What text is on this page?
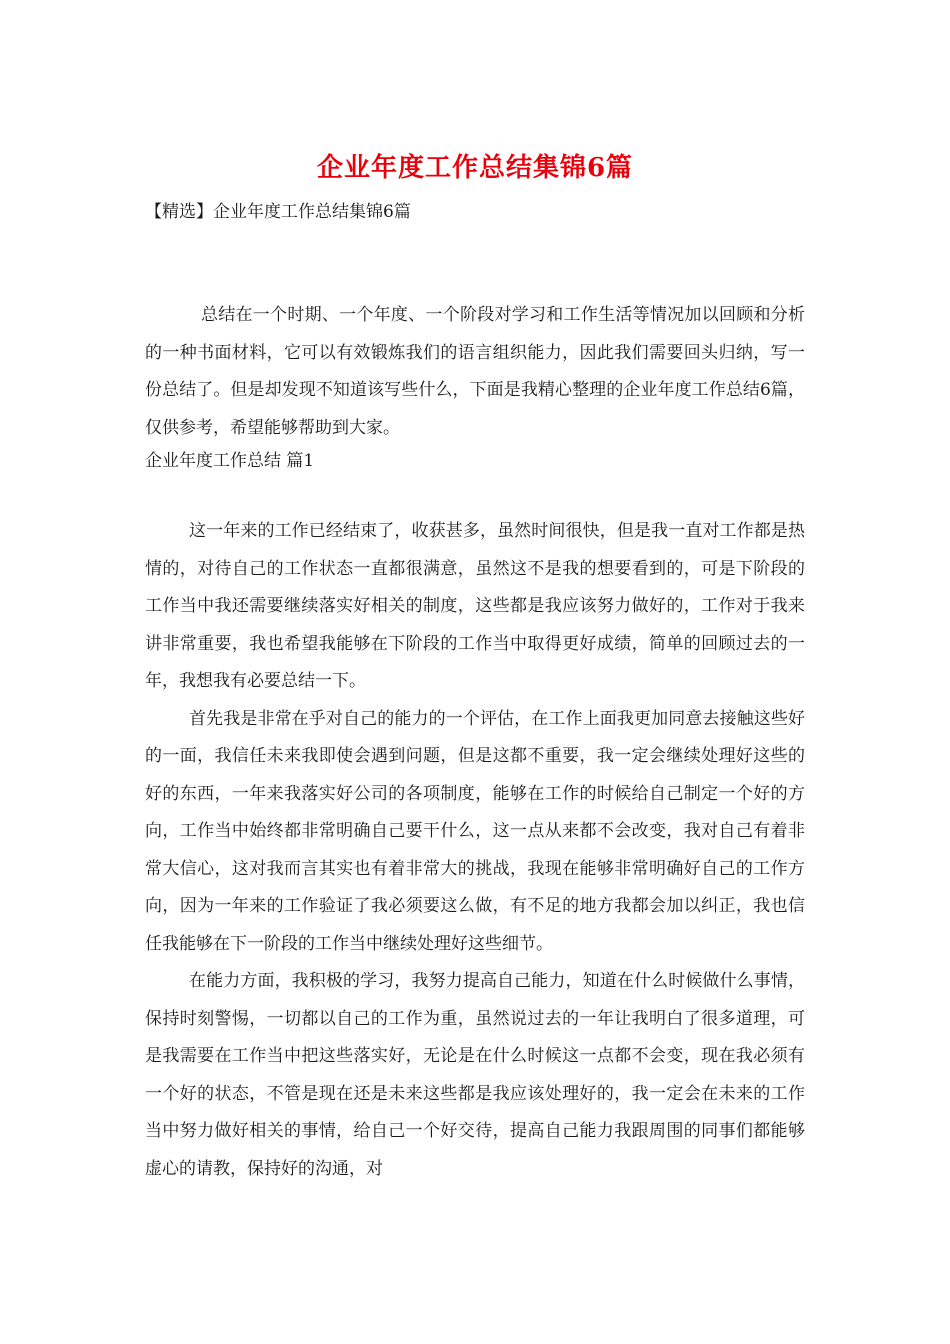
企业年度工作总结集锦6篇
【精选】企业年度工作总结集锦6篇

总结在一个时期、一个年度、一个阶段对学习和工作生活等情况加以回顾和分析的一种书面材料，它可以有效锻炼我们的语言组织能力，因此我们需要回头归纳，写一份总结了。但是却发现不知道该写些什么，下面是我精心整理的企业年度工作总结6篇，仅供参考，希望能够帮助到大家。

企业年度工作总结 篇1

这一年来的工作已经结束了，收获甚多，虽然时间很快，但是我一直对工作都是热情的，对待自己的工作状态一直都很满意，虽然这不是我的想要看到的，可是下阶段的工作当中我还需要继续落实好相关的制度，这些都是我应该努力做好的，工作对于我来讲非常重要，我也希望我能够在下阶段的工作当中取得更好成绩，简单的回顾过去的一年，我想我有必要总结一下。

首先我是非常在乎对自己的能力的一个评估，在工作上面我更加同意去接触这些好的一面，我信任未来我即使会遇到问题，但是这都不重要，我一定会继续处理好这些的好的东西，一年来我落实好公司的各项制度，能够在工作的时候给自己制定一个好的方向，工作当中始终都非常明确自己要干什么，这一点从来都不会改变，我对自己有着非常大信心，这对我而言其实也有着非常大的挑战，我现在能够非常明确好自己的工作方向，因为一年来的工作验证了我必须要这么做，有不足的地方我都会加以纠正，我也信任我能够在下一阶段的工作当中继续处理好这些细节。

在能力方面，我积极的学习，我努力提高自己能力，知道在什么时候做什么事情，保持时刻警惕，一切都以自己的工作为重，虽然说过去的一年让我明白了很多道理，可是我需要在工作当中把这些落实好，无论是在什么时候这一点都不会变，现在我必须有一个好的状态，不管是现在还是未来这些都是我应该处理好的，我一定会在未来的工作当中努力做好相关的事情，给自己一个好交待，提高自己能力我跟周围的同事们都能够虚心的请教，保持好的沟通，对
